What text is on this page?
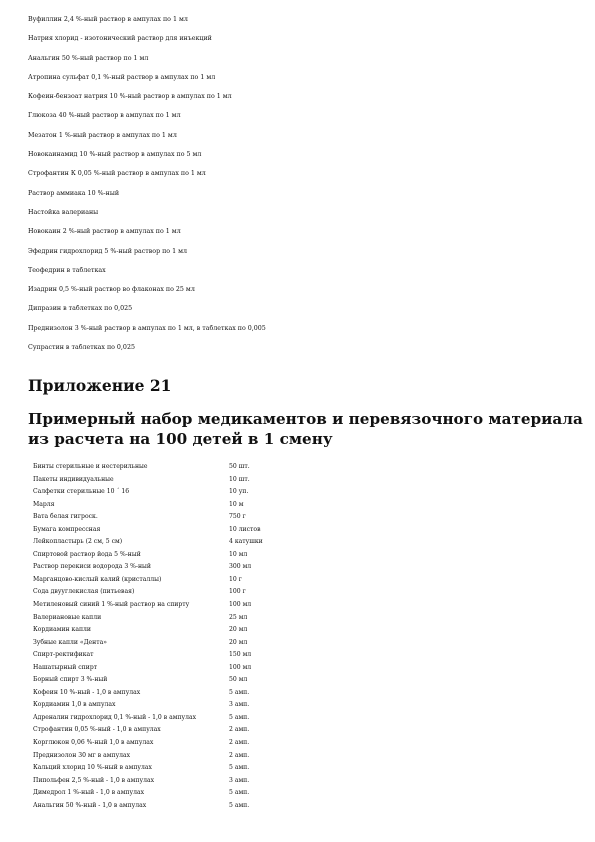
Вуфиллин 2,4 %-ный раствор в ампулах по 1 мл
Натрия хлорид - изотонический раствор для инъекций
Анальгин 50 %-ный раствор по 1 мл
Атропина сульфат 0,1 %-ный раствор в ампулах по 1 мл
Кофеин-бензоат натрия 10 %-ный раствор в ампулах по 1 мл
Глюкоза 40 %-ный раствор в ампулах по 1 мл
Мезатон 1 %-ный раствор в ампулах по 1 мл
Новокаинамид 10 %-ный раствор в ампулах по 5 мл
Строфантин К 0,05 %-ный раствор в ампулах по 1 мл
Раствор аммиака 10 %-ный
Настойка валерианы
Новокаин 2 %-ный раствор в ампулах по 1 мл
Эфедрин гидрохлорид 5 %-ный раствор по 1 мл
Теофедрин в таблетках
Изадрин 0,5 %-ный раствор во флаконах по 25 мл
Дипразин в таблетках по 0,025
Преднизолон 3 %-ный раствор в ампулах по 1 мл, в таблетках по 0,005
Супрастин в таблетках по 0,025
Приложение 21
Примерный набор медикаментов и перевязочного материала
из расчета на 100 детей в 1 смену
Бинты стерильные и нестерильные	50 шт.
Пакеты индивидуальные	10 шт.
Салфетки стерильные 10 ´ 16	10 уп.
Марля	10 м
Вата белая гигроск.	750 г
Бумага компрессная	10 листов
Лейкопластырь (2 см, 5 см)	4 катушки
Спиртовой раствор йода 5 %-ный	10 мл
Раствор перекиси водорода 3 %-ный	300 мл
Марганцово-кислый калий (кристаллы)	10 г
Сода двууглекислая (питьевая)	100 г
Метиленовый синий 1 %-ный раствор на спирту	100 мл
Валериановые капли	25 мл
Кордиамин капли	20 мл
Зубные капли «Дента»	20 мл
Спирт-ректификат	150 мл
Нашатырный спирт	100 мл
Борный спирт 3 %-ный	50 мл
Кофеин 10 %-ный - 1,0 в ампулах	5 амп.
Кордиамин 1,0 в ампулах	3 амп.
Адреналин гидрохлорид 0,1 %-ный - 1,0 в ампулах	5 амп.
Строфантин 0,05 %-ный - 1,0 в ампулах	2 амп.
Корглюкон 0,06 %-ный 1,0 в ампулах	2 амп.
Преднизолон 30 мг в ампулах	2 амп.
Кальций хлорид 10 %-ный в ампулах	5 амп.
Пипольфен 2,5 %-ный - 1,0 в ампулах	3 амп.
Димедрол 1 %-ный - 1,0 в ампулах	5 амп.
Анальгин 50 %-ный - 1,0 в ампулах	5 амп.
